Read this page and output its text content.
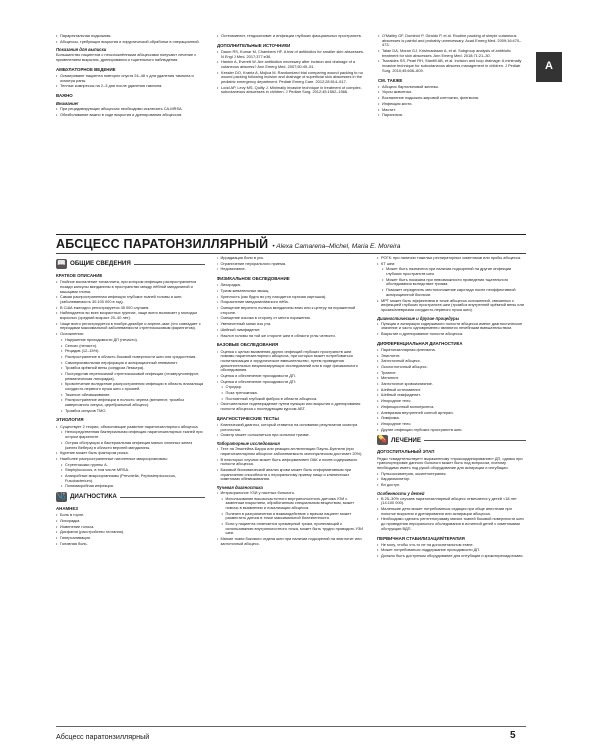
А
• Параректальная подкожная.
• Абсцессы, требующих вскрытия и хирургической обработки в операционной.
Показания для выписки

Большинство пациентов с неосложнёнными абсцессами получают лечение с применением вскрытия, дренирования и тщательного наблюдения.

АМБУЛАТОРНОЕ ВЕДЕНИЕ
• Осматривают пациента повторно спустя 24–48 ч для удаления тампона и осмотра раны.
• Теплые компрессы на 2–3 дня после удаления тампона.
ВАЖНО
Внимание!
• При рецидивирующих абсцессах необходимо исключить CA-MRSA.
• Обезболивание важно в ходе вскрытия и дренирования абсцессов.
• Остеомиелит, тендосиновит и инфекции глубоких фасциальных пространств.
ДОПОЛНИТЕЛЬНЫЕ ИСТОЧНИКИ
• Daum RS, Kumar M, Chambers HF. A trial of antibiotics for smaller skin abscesses. N Engl J Med. 2017;377:e36.
• Hankin A, Everett W. Are antibiotics necessary after incision and drainage of a cutaneous abscess? Ann Emerg Med. 2007;50:49–51.
• Kessler DO, Krantz A, Mojica M. Randomized trial comparing wound packing to no wound packing following incision and drainage of superficial skin abscesses in the pediatric emergency department. Pediatr Emerg Care. 2012;28:514–517.
• Lodd AP, Levy MS, Quilty J. Minimally invasive technique in treatment of complex, subcutaneous abscesses in children. J Pediatr Surg. 2012;45:1562–1566.
• O'Malley GF, Dominici P, Giraldo P, et al. Routine packing of simple cutaneous abscesses is painful and probably unnecessary. Acad Emerg Med. 2009;16:470–473.
• Talan DA, Moran GJ, Krishnadasan A, et al. Subgroup analysis of antibiotic treatment for skin abscesses. Ann Emerg Med. 2018;71:21–30.
• Tsoraides SS, Pearl RH, Stanfill AB, et al. Incision and loop drainage: A minimally invasive technique for subcutaneous abscess management in children. J Pediatr Surg. 2010;45:606–609.
СМ. ТАКЖЕ
• Абсцесс бартолиновой железы.
• Укусы животных.
• Воспаление подкожно-жировой клетчатки, флегмона.
• Инфекция кисти.
• Мастит.
• Паронихия.
АБСЦЕСС ПАРАТОНЗИЛЛЯРНЫЙ • Alexa Camarena–Michel, Maria E. Moreira
📖 ОБЩИЕ СВЕДЕНИЯ
КРАТКОЕ ОПИСАНИЕ
• Гнойное воспаление тонзиллита, при котором инфекция распространяется позади капсулы миндалины в пространство между нёбной миндалиной и мышцами глотки.
• Самая распространенная инфекция глубоких тканей головы и шеи (заболеваемость 30:100 000 в год).
• В США ежегодно регистрируется 45 000 случаев.
• Наблюдается во всех возрастных группах, чаще всего возникает у молодых взрослых (средний возраст 20–40 лет).
• Чаще всего регистрируется в ноябре-декабре и апреле–мае (что совпадает с периодами максимальной заболеваемости стрептококковым фарингитом).
• Осложнения:
• Нарушение проходимости ДП (нечасто).
• Сепсис (нечасто).
• Рецидив (12–15%).
• Распространение в область боковой поверхности шеи или средостения.
• Самопроизвольная перфорация и аспирационный пневмонит.
• Тромбоз ярёмной вены (синдром Лемьера).
• Постредстав переносимой стрептококковой инфекции (гломерулонефрит, ревматическая лихорадка).
• Кровотечение вследствие распространения инфекции в область влагалища сосудисто-нервного пучка шеи с эрозией.
• Тяжелое обезвоживание.
• Распространение инфекции в полость черепа (менингит, тромбоз кавернозного синуса, церебральный абсцесс).
• Тромбоз синусов ТМО.
ЭТИОЛОГИЯ
• Существует 2 теории, объясняющие развитие паратонзиллярного абсцесса.
• Непосредственная бактериальная инфекция паратонзиллярных тканей при остром фарингите.
• Острая обструкция и бактериальная инфекция малых слюнных желез (желез Вебера) в области верхней миндалины.
• Курение может быть фактором риска.
• Наиболее распространенные патогенные микроорганизмы:
• Стрептококки группы А.
• Staphylococcus, в том числе MRSA.
• Анаэробные микроорганизмы (Prevotella, Peptostreptococcus, Fusobacterium).
• Полимикробная инфекция.
🩺 ДИАГНОСТИКА
АНАМНЕЗ
• Боль в горле.
• Лихорадка.
• Изменение голоса.
• Дисфагия (расстройство глотания).
• Гиперсаливация.
• Головная боль.
• Иррадиация боли в ухо.
• Ограничение перорального приема.
• Недомогание.
ФИЗИКАЛЬНОЕ ОБСЛЕДОВАНИЕ
• Лихорадка.
• Тризм жевательных мышц.
• Хриплость (как будто во рту находится горячая картошка).
• Покраснение миндалин/мягкого нёба.
• Смещение верхнего полюса миндалины вниз или к центру на пораженной стороне.
• Смещение язычка в сторону от места поражения.
• Увеличенный запах изо рта.
• Шейный лимфаденит.
• Наклон головы на той же стороне шеи в области углы челюсти.
БАЗОВЫЕ ОБСЛЕДОВАНИЯ
• Оценка с целью выявления других инфекций глубоких пространств шеи помимо паратонзиллярного абсцесса, при которых может потребоваться госпитализация и хирургическое вмешательство, путем проведения дополнительных визуализирующих исследований или в ходе физикального обследования.
• Оценка и обеспечение проходимости ДП.
• Оценка и обеспечение проходимости ДП:
• Стридор.
• Поза треножника.
• Постоянный глубокий фиброз в области абсцесса.
• Окончательное подтверждение путем пункции или вскрытия и дренирования полости абсцесса с последующим курсом АБТ.
ДИАГНОСТИЧЕСКИЕ ТЕСТЫ
• Клинический диагноз, который ставится на основании результатов осмотра ротоглотки.
• Осмотр может осложниться при сильном тризме.
Лабораторные исследования
• Тест на Эпштейна-Барра или реакция агглютинации Пауля–Буннеля (при паратонзиллярном абсцессе заболеваемость мононуклеозом достигает 20%).
• В некоторых случаях может быть информативен ОАК и посев содержимого полости абсцесса.
• Базовый биохимический анализ крови может быть информативным при ограничении способности к пероральному приему пищи и клинических симптомах обезвоживания.
Лучевая диагностика
• Интраоральное УЗИ у пастных больного.
• Использование высокочастотного внутриполостного датчика УЗИ с заменным покрытием, обработанным специальным веществом, может помочь в выявлении и локализации абсцесса.
• Полезен в разграничении и взаимодействие с врачом пациент может разместить датчик в точке максимальной болезненности.
• Если у пациента отмечается чрезмерный тризм, прилегающий к использованию внутриполостного точка, может быть трудно проводить УЗИ шеи.
• Мягкие ткани бокового отдела шеи при наличии подозрений на эпиглотит или заглоточный абсцесс.
• РОГК: при наличии тяжелых респираторных симптомов или пробы абсцесса.
• КТ шеи:
• Может быть назначена при наличии подозрений на другие инфекции глубоких пространств шеи.
• Может быть показана при невозможности проведения тщательного обследования вследствие тризма.
• Поможет определить местоположение каротида после неэффективной аспирационной биопсии.
• МРТ может быть эффективна в точке абсцесса осложнений, связанных с инфекцией глубоких пространств шеи (тромбоз внутренней ярёмной вены или эрозия/аневризма сосудисто-нервного пучка шеи).
Диагностические и другие процедуры
• Пункция и аспирация содержимого полости абсцесса имеют диагностическое значение и часто одновременно являются лечебными вмешательством.
• Вскрытие и дренирование полости абсцесса.
ДИФФЕРЕНЦИАЛЬНАЯ ДИАГНОСТИКА
• Паратонзиллярная флегмона.
• Эпиглотит.
• Заглоточный абсцесс.
• Окологлоточный абсцесс.
• Трахеит.
• Менингит.
• Заглоточное кровоизлияние.
• Шейный остеомиелит.
• Шейный лимфаденит.
• Инородное тело.
• Инфекционный мононуклеоз.
• Аневризма внутренней сонной артерии.
• Лимфома.
• Инородное тело.
• Другие инфекции глубоких пространств шеи.
💊 ЛЕЧЕНИЕ
ДОГОСПИТАЛЬНЫЙ ЭТАП

Редко «свидетельствует» выраженному «прокоординированию» ДП, однако при транспортировке данного больного может быть под вопросом, поэтому необходимо иметь под рукой оборудование для аспирации и интубации.

• Пульсоксиметрия, оксигенотерапия.
• Кардиомонитор.
• Вн доступ.
Особенности у детей
• В 25–30% случаев паратонзиллярный абсцесс отмечается у детей <18 лет (14:100 000).
• Маленькие дети может потребоваться седация при обще анестезии при попытке вскрытия и дренирования или аспирации абсцесса.
• Необходимо сделать рентгенограмму мягких тканей боковой поверхности шеи до проведения перорального обследования в истинной детей с симптомами обструкции ВДП.
ПЕРВИЧНАЯ СТАБИЛИЗАЦИЯ/ТЕРАПИЯ
• Не могу, чтобы что-то не на догоспитальном этапе.
• Может потребоваться поддержание проходимости ДП.
• Должно быть доступным оборудование для интубации и крикотиреоидотомии.
Абсцесс паратонзиллярный	5
